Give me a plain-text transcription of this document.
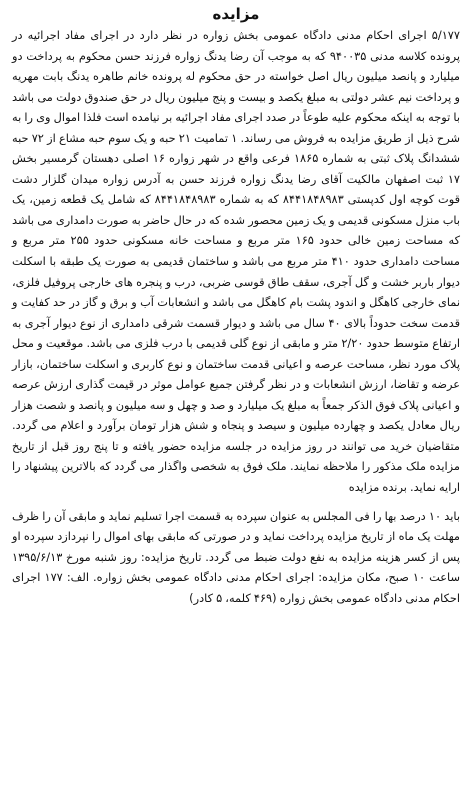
مزایده

۵/۱۷۷ اجرای احکام مدنی دادگاه عمومی بخش زواره در نظر دارد در اجرای مفاد اجرائیه در پرونده کلاسه مدنی ۹۴۰۰۳۵ که به موجب آن رضا یدنگ زواره فرزند حسن محکوم به پرداخت دو میلیارد و پانصد میلیون ریال اصل خواسته در حق محکوم له پرونده خانم طاهره یدنگ بابت مهریه و پرداخت نیم عشر دولتی به مبلغ یکصد و بیست و پنج میلیون ریال در حق صندوق دولت می باشد با توجه به اینکه محکوم علیه طوعاً در صدد اجرای مفاد اجرائیه بر نیامده است فلذا اموال وی را به شرح ذیل از طریق مزایده به فروش می رساند. ۱ تمامیت ۲۱ حبه و یک سوم حبه مشاع از ۷۲ حبه ششدانگ پلاک ثبتی به شماره ۱۸۶۵ فرعی واقع در شهر زواره ۱۶ اصلی دهستان گرمسیر بخش ۱۷ ثبت اصفهان مالکیت آقای رضا یدنگ زواره فرزند حسن به آدرس زواره میدان گلزار دشت قوت کوچه اول کدپستی ۸۴۴۱۸۴۸۹۸۳ که به شماره ۸۴۴۱۸۴۸۹۸۳ که شامل یک قطعه زمین، یک باب منزل مسکونی قدیمی و یک زمین محصور شده که در حال حاضر به صورت دامداری می باشد که مساحت زمین خالی حدود ۱۶۵ متر مربع و مساحت خانه مسکونی حدود ۲۵۵ متر مربع و مساحت دامداری حدود ۴۱۰ متر مربع می باشد و ساختمان قدیمی به صورت یک طبقه با اسکلت دیوار باربر خشت و گل آجری، سقف طاق قوسی ضربی، درب و پنجره های خارجی پروفیل فلزی، نمای خارجی کاهگل و اندود پشت بام کاهگل می باشد و انشعابات آب و برق و گاز در حد کفایت و قدمت سخت حدوداً بالای ۴۰ سال می باشد و دیوار قسمت شرقی دامداری از نوع دیوار آجری به ارتفاع متوسط حدود ۲/۲۰ متر و مابقی از نوع گلی قدیمی با درب فلزی می باشد. موقعیت و محل پلاک مورد نظر، مساحت عرصه و اعیانی قدمت ساختمان و نوع کاربری و اسکلت ساختمان، بازار عرضه و تقاضا، ارزش انشعابات و در نظر گرفتن جمیع عوامل موثر در قیمت گذاری ارزش عرصه و اعیانی پلاک فوق الذکر جمعاً به مبلغ یک میلیارد و صد و چهل و سه میلیون و پانصد و شصت هزار ریال معادل یکصد و چهارده میلیون و سیصد و پنجاه و شش هزار تومان برآورد و اعلام می گردد. متقاضیان خرید می توانند در روز مزایده در جلسه مزایده حضور یافته و تا پنج روز قبل از تاریخ مزایده ملک مذکور را ملاحظه نمایند. ملک فوق به شخصی واگذار می گردد که بالاترین پیشنهاد را ارایه نماید. برنده مزایده

باید ۱۰ درصد بها را فی المجلس به عنوان سپرده به قسمت اجرا تسلیم نماید و مابقی آن را ظرف مهلت یک ماه از تاریخ مزایده پرداخت نماید و در صورتی که مابقی بهای اموال را نپردازد سپرده او پس از کسر هزینه مزایده به نفع دولت ضبط می گردد. تاریخ مزایده: روز شنبه مورخ ۱۳۹۵/۶/۱۳ ساعت ۱۰ صبح، مکان مزایده: اجرای احکام مدنی دادگاه عمومی بخش زواره. الف: ۱۷۷ اجرای احکام مدنی دادگاه عمومی بخش زواره (۴۶۹ کلمه، ۵ کادر)
